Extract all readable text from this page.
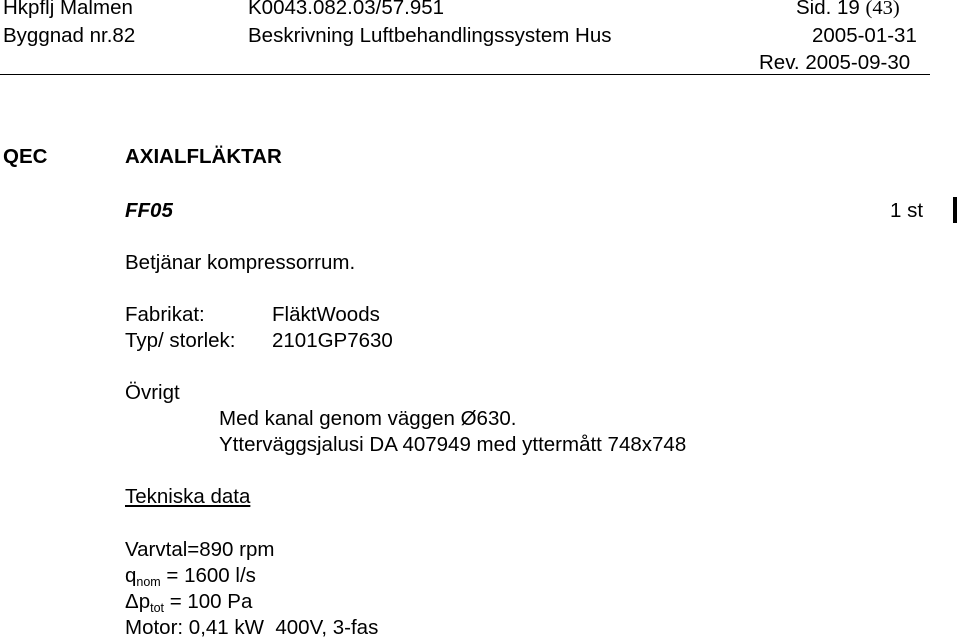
Hkpflj Malmen	K0043.082.03/57.951	Sid. 19 (43)
Byggnad nr.82	Beskrivning Luftbehandlingssystem Hus	2005-01-31
Rev. 2005-09-30
QEC	AXIALFLÄKTAR
FF05	1 st
Betjänar kompressorrum.
Fabrikat:	FläktWoods
Typ/ storlek: 2101GP7630
Övrigt
Med kanal genom väggen Ø630.
Ytterväggsjalusi DA 407949 med yttermått 748x748
Tekniska data
Varvtal=890 rpm
qnom = 1600 l/s
Δptot = 100 Pa
Motor: 0,41 kW  400V, 3-fas
